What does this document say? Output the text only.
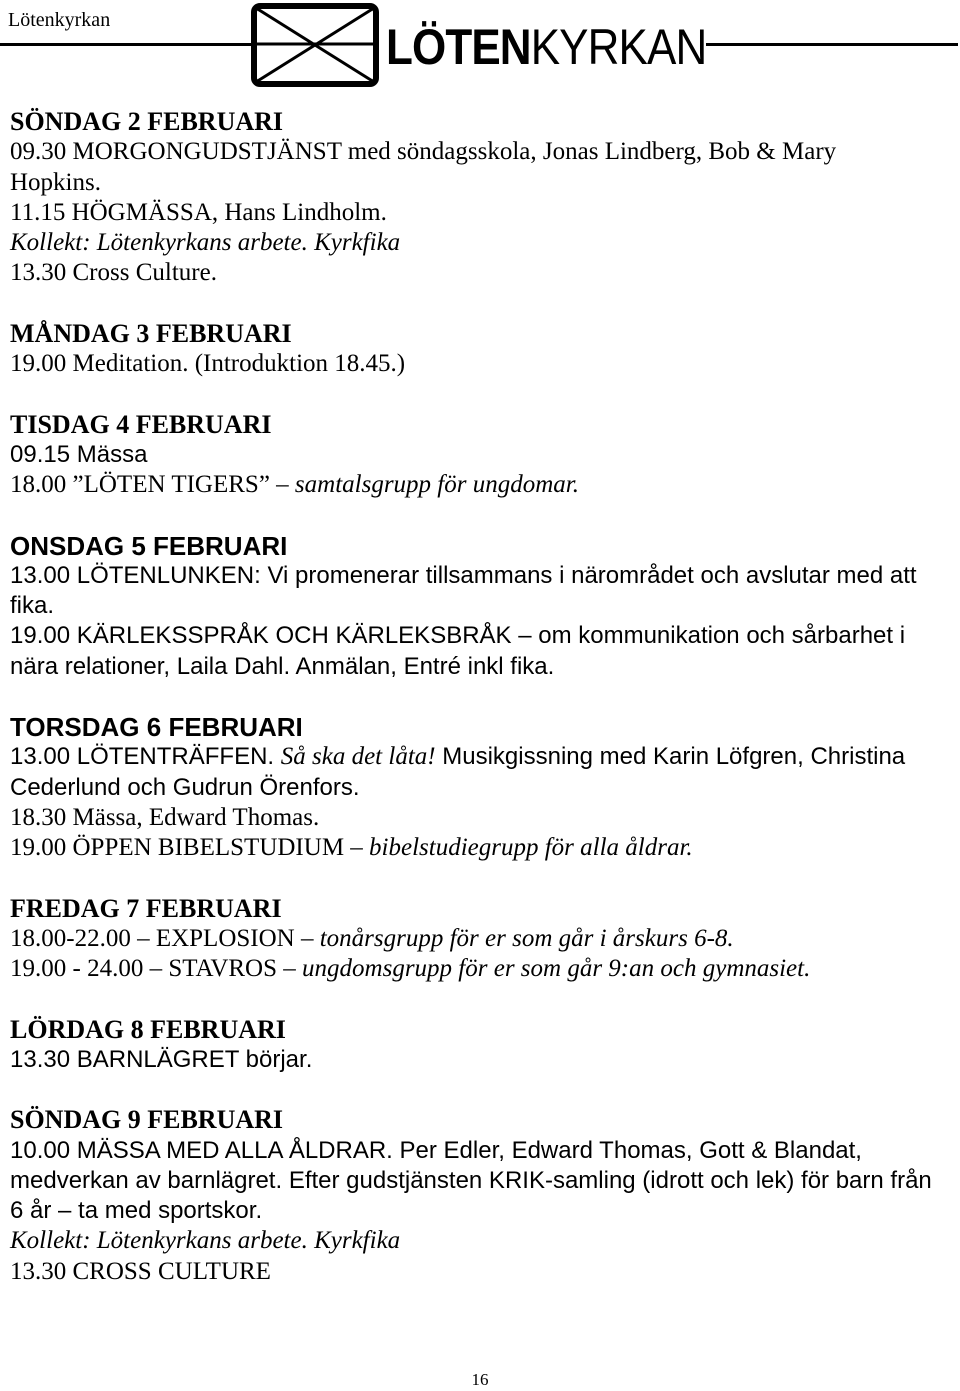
Lötenkyrkan	LÖTENKYRKAN
SÖNDAG 2 FEBRUARI
09.30 MORGONGUDSTJÄNST med söndagsskola, Jonas Lindberg, Bob & Mary
Hopkins.
11.15 HÖGMÄSSA, Hans Lindholm.
Kollekt: Lötenkyrkans arbete. Kyrkfika
13.30 Cross Culture.
MÅNDAG 3 FEBRUARI
19.00 Meditation. (Introduktion 18.45.)
TISDAG 4 FEBRUARI
09.15 Mässa
18.00 ”LÖTEN TIGERS” – samtalsgrupp för ungdomar.
ONSDAG 5 FEBRUARI
13.00 LÖTENLUNKEN: Vi promenerar tillsammans i närområdet och avslutar med att
fika.
19.00 KÄRLEKSSPRÅK OCH KÄRLEKSBRÅK – om kommunikation och sårbarhet i
nära relationer, Laila Dahl. Anmälan, Entré inkl fika.
TORSDAG 6 FEBRUARI
13.00 LÖTENTRÄFFEN. Så ska det låta! Musikgissning med Karin Löfgren, Christina
Cederlund och Gudrun Örenfors.
18.30 Mässa, Edward Thomas.
19.00 ÖPPEN BIBELSTUDIUM – bibelstudiegrupp för alla åldrar.
FREDAG 7 FEBRUARI
18.00-22.00 – EXPLOSION – tonårsgrupp för er som går i årskurs 6-8.
19.00 - 24.00 – STAVROS – ungdomsgrupp för er som går 9:an och gymnasiet.
LÖRDAG 8 FEBRUARI
13.30 BARNLÄGRET börjar.
SÖNDAG 9 FEBRUARI
10.00 MÄSSA MED ALLA ÅLDRAR. Per Edler, Edward Thomas, Gott & Blandat,
medverkan av barnlägret. Efter gudstjänsten KRIK-samling (idrott och lek) för barn från
6 år – ta med sportskor.
Kollekt: Lötenkyrkans arbete. Kyrkfika
13.30 CROSS CULTURE
16
